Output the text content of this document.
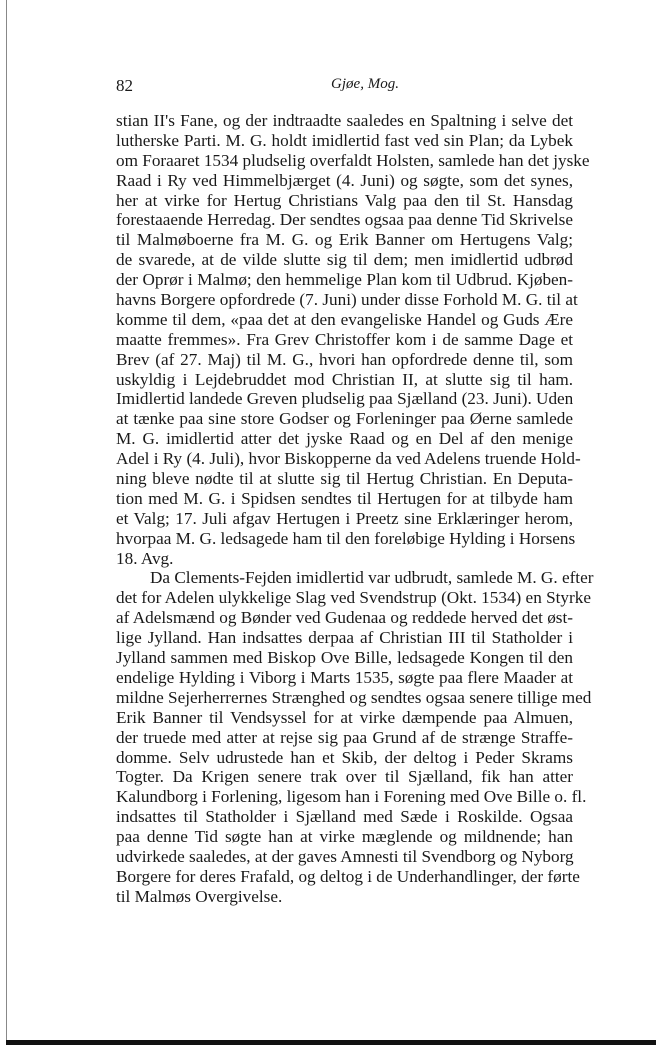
82	Gjøe, Mog.
stian II's Fane, og der indtraadte saaledes en Spaltning i selve det
lutherske Parti. M. G. holdt imidlertid fast ved sin Plan; da Lybek
om Foraaret 1534 pludselig overfaldt Holsten, samlede han det jyske
Raad i Ry ved Himmelbjærget (4. Juni) og søgte, som det synes,
her at virke for Hertug Christians Valg paa den til St. Hansdag
forestaaende Herredag. Der sendtes ogsaa paa denne Tid Skrivelse
til Malmøboerne fra M. G. og Erik Banner om Hertugens Valg;
de svarede, at de vilde slutte sig til dem; men imidlertid udbrød
der Oprør i Malmø; den hemmelige Plan kom til Udbrud. Kjøben-
havns Borgere opfordrede (7. Juni) under disse Forhold M. G. til at
komme til dem, «paa det at den evangeliske Handel og Guds Ære
maatte fremmes». Fra Grev Christoffer kom i de samme Dage et
Brev (af 27. Maj) til M. G., hvori han opfordrede denne til, som
uskyldig i Lejdebruddet mod Christian II, at slutte sig til ham.
Imidlertid landede Greven pludselig paa Sjælland (23. Juni). Uden
at tænke paa sine store Godser og Forleninger paa Øerne samlede
M. G. imidlertid atter det jyske Raad og en Del af den menige
Adel i Ry (4. Juli), hvor Biskopperne da ved Adelens truende Hold-
ning bleve nødte til at slutte sig til Hertug Christian. En Deputa-
tion med M. G. i Spidsen sendtes til Hertugen for at tilbyde ham
et Valg; 17. Juli afgav Hertugen i Preetz sine Erklæringer herom,
hvorpaa M. G. ledsagede ham til den foreløbige Hylding i Horsens
18. Avg.
Da Clements-Fejden imidlertid var udbrudt, samlede M. G. efter
det for Adelen ulykkelige Slag ved Svendstrup (Okt. 1534) en Styrke
af Adelsmænd og Bønder ved Gudenaa og reddede herved det øst-
lige Jylland. Han indsattes derpaa af Christian III til Statholder i
Jylland sammen med Biskop Ove Bille, ledsagede Kongen til den
endelige Hylding i Viborg i Marts 1535, søgte paa flere Maader at
mildne Sejerherrernes Strænghed og sendtes ogsaa senere tillige med
Erik Banner til Vendsyssel for at virke dæmpende paa Almuen,
der truede med atter at rejse sig paa Grund af de strænge Straffe-
domme. Selv udrustede han et Skib, der deltog i Peder Skrams
Togter. Da Krigen senere trak over til Sjælland, fik han atter
Kalundborg i Forlening, ligesom han i Forening med Ove Bille o. fl.
indsattes til Statholder i Sjælland med Sæde i Roskilde. Ogsaa
paa denne Tid søgte han at virke mæglende og mildnende; han
udvirkede saaledes, at der gaves Amnesti til Svendborg og Nyborg
Borgere for deres Frafald, og deltog i de Underhandlinger, der førte
til Malmøs Overgivelse.
